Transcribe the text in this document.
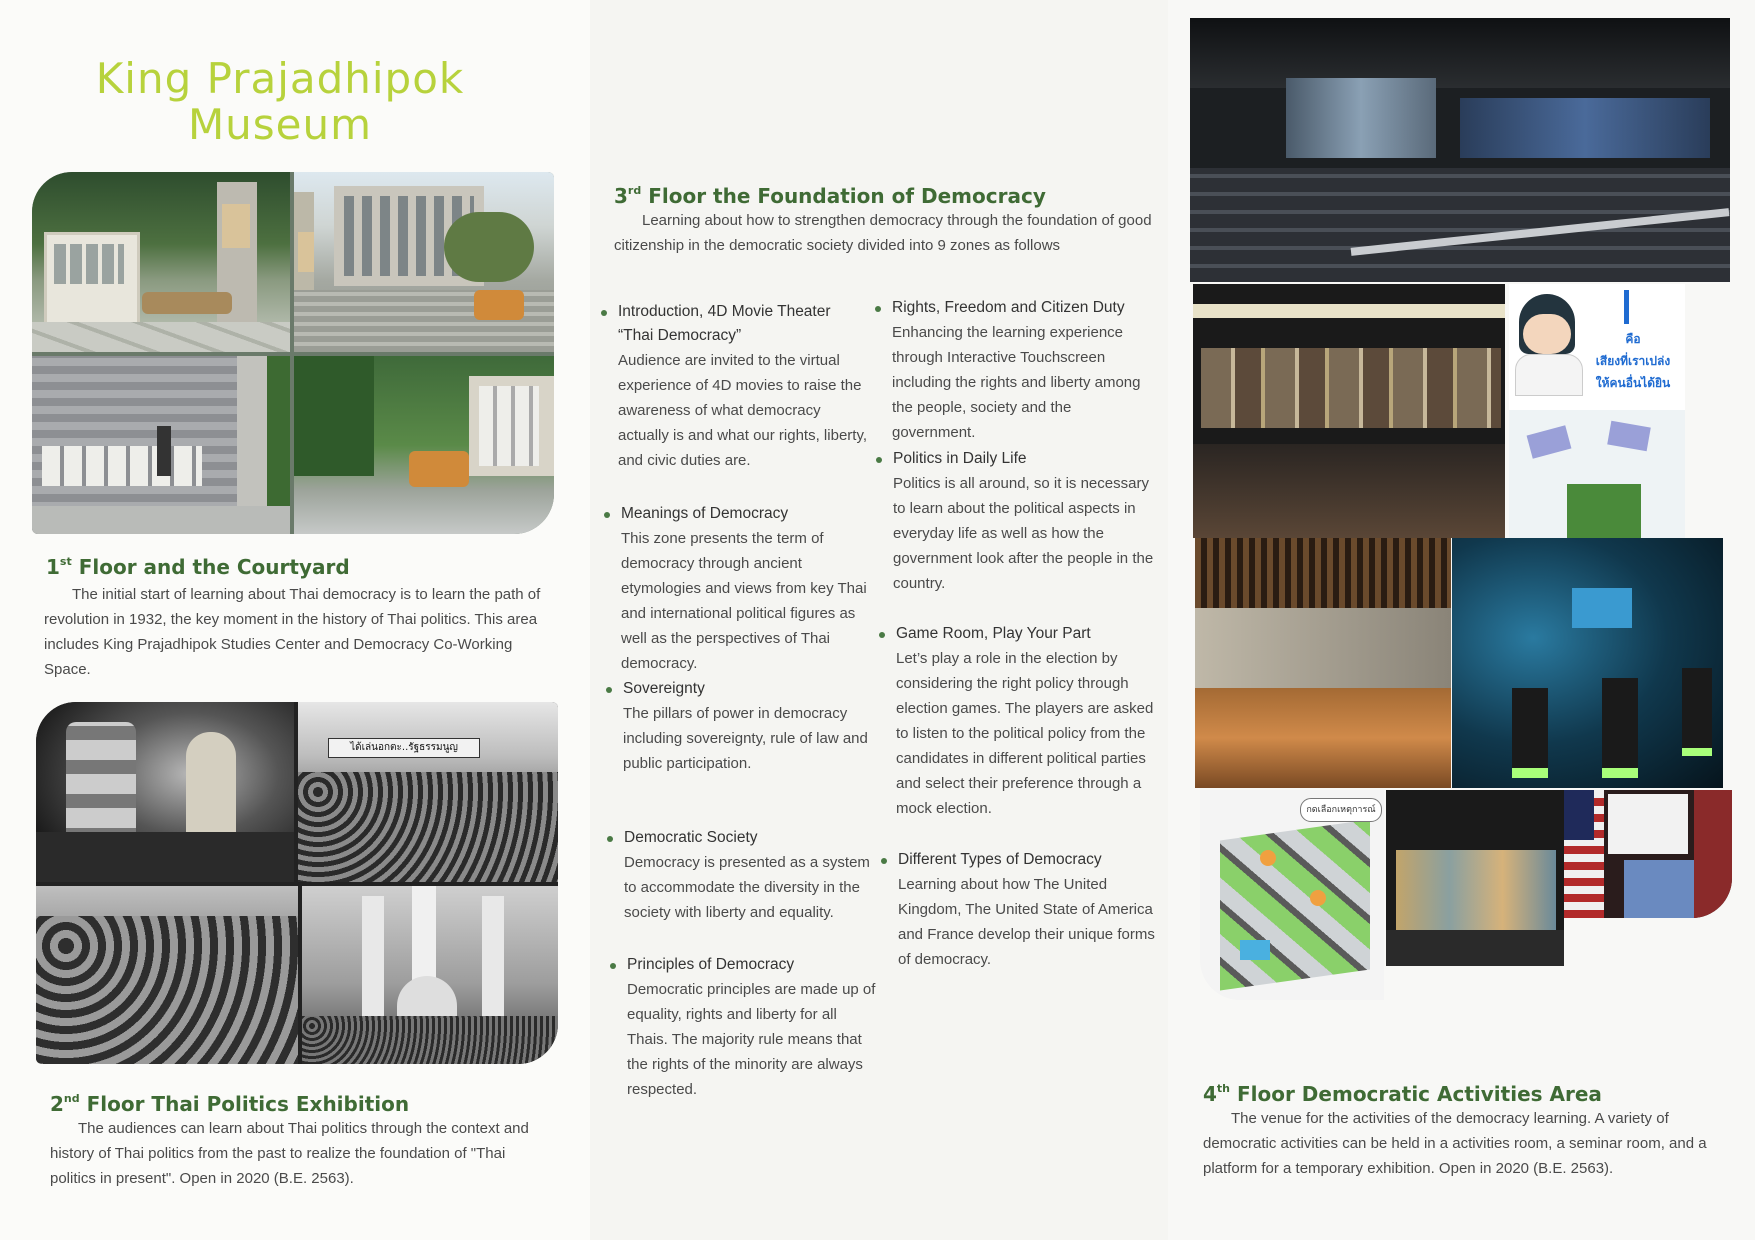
King Prajadhipok
Museum
1st Floor and the Courtyard

The initial start of learning about Thai democracy is to learn the path of revolution in 1932, the key moment in the history of Thai politics. This area includes King Prajadhipok Studies Center and Democracy Co-Working Space.

ได้เล่นอกตะ..รัฐธรรมนูญ
2nd Floor Thai Politics Exhibition

The audiences can learn about Thai politics through the context and history of Thai politics from the past to realize the foundation of "Thai politics in present". Open in 2020 (B.E. 2563).

3rd Floor the Foundation of Democracy

Learning about how to strengthen democracy through the foundation of good citizenship in the democratic society divided into 9 zones as follows

Introduction, 4D Movie Theater “Thai Democracy”
Audience are invited to the virtual experience of 4D movies to raise the awareness of what democracy actually is and what our rights, liberty, and civic duties are.
Meanings of Democracy
This zone presents the term of democracy through ancient etymologies and views from key Thai and international political figures as well as the perspectives of Thai democracy.
Sovereignty
The pillars of power in democracy including sovereignty, rule of law and public participation.
Democratic Society
Democracy is presented as a system to accommodate the diversity in the society with liberty and equality.
Principles of Democracy
Democratic principles are made up of equality, rights and liberty for all Thais. The majority rule means that the rights of the minority are always respected.
Rights, Freedom and Citizen Duty
Enhancing the learning experience through Interactive Touchscreen including the rights and liberty among the people, society and the government.
Politics in Daily Life
Politics is all around, so it is necessary to learn about the political aspects in everyday life as well as how the government look after the people in the country.
Game Room, Play Your Part
Let’s play a role in the election by considering the right policy through election games. The players are asked to listen to the political policy from the candidates in different political parties and select their preference through a mock election.
Different Types of Democracy
Learning about how The United Kingdom, The United State of America and France develop their unique forms of democracy.
คือ
เสียงที่เราเปล่ง
ให้คนอื่นได้ยิน
กดเลือกเหตุการณ์
4th Floor Democratic Activities Area

The venue for the activities of the democracy learning. A variety of democratic activities can be held in a activities room, a seminar room, and a platform for a temporary exhibition. Open in 2020 (B.E. 2563).
